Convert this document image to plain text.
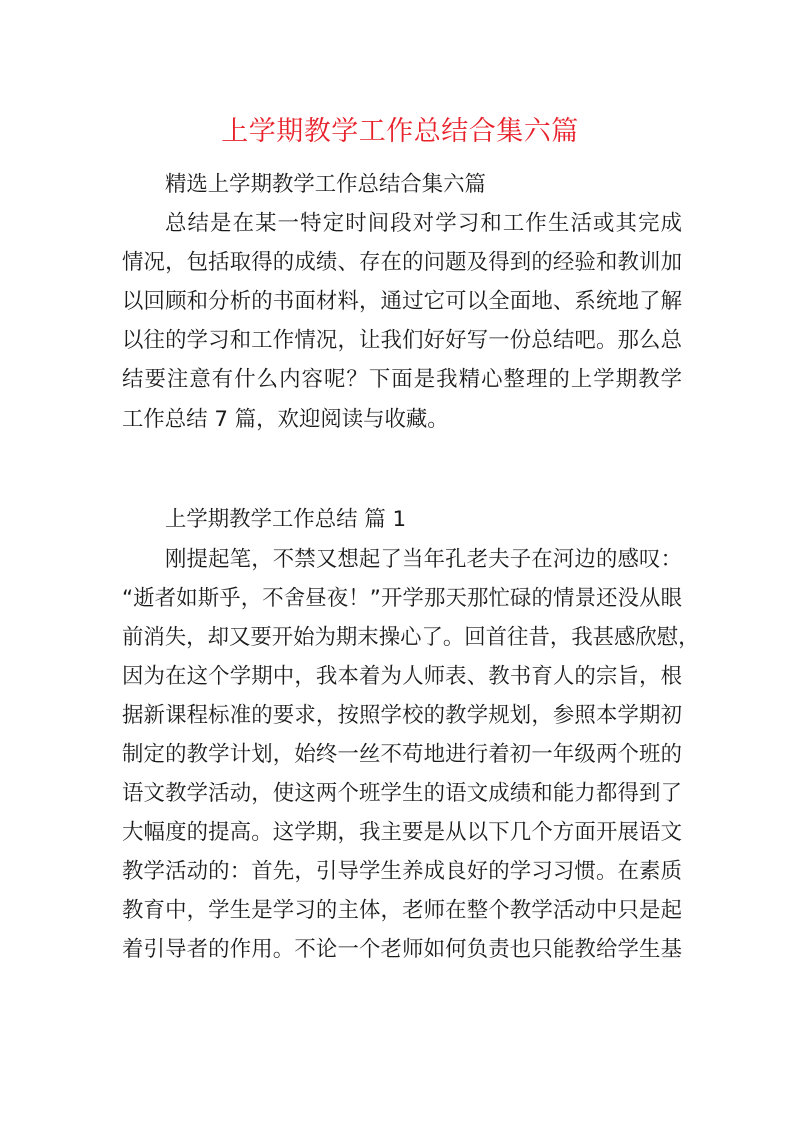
上学期教学工作总结合集六篇
精选上学期教学工作总结合集六篇
总结是在某一特定时间段对学习和工作生活或其完成
情况，包括取得的成绩、存在的问题及得到的经验和教训加
以回顾和分析的书面材料，通过它可以全面地、系统地了解
以往的学习和工作情况，让我们好好写一份总结吧。那么总
结要注意有什么内容呢？下面是我精心整理的上学期教学
工作总结 7 篇，欢迎阅读与收藏。
上学期教学工作总结 篇 1
刚提起笔，不禁又想起了当年孔老夫子在河边的感叹：
“逝者如斯乎，不舍昼夜！”开学那天那忙碌的情景还没从眼
前消失，却又要开始为期末操心了。回首往昔，我甚感欣慰，
因为在这个学期中，我本着为人师表、教书育人的宗旨，根
据新课程标准的要求，按照学校的教学规划，参照本学期初
制定的教学计划，始终一丝不苟地进行着初一年级两个班的
语文教学活动，使这两个班学生的语文成绩和能力都得到了
大幅度的提高。这学期，我主要是从以下几个方面开展语文
教学活动的：首先，引导学生养成良好的学习习惯。在素质
教育中，学生是学习的主体，老师在整个教学活动中只是起
着引导者的作用。不论一个老师如何负责也只能教给学生基
